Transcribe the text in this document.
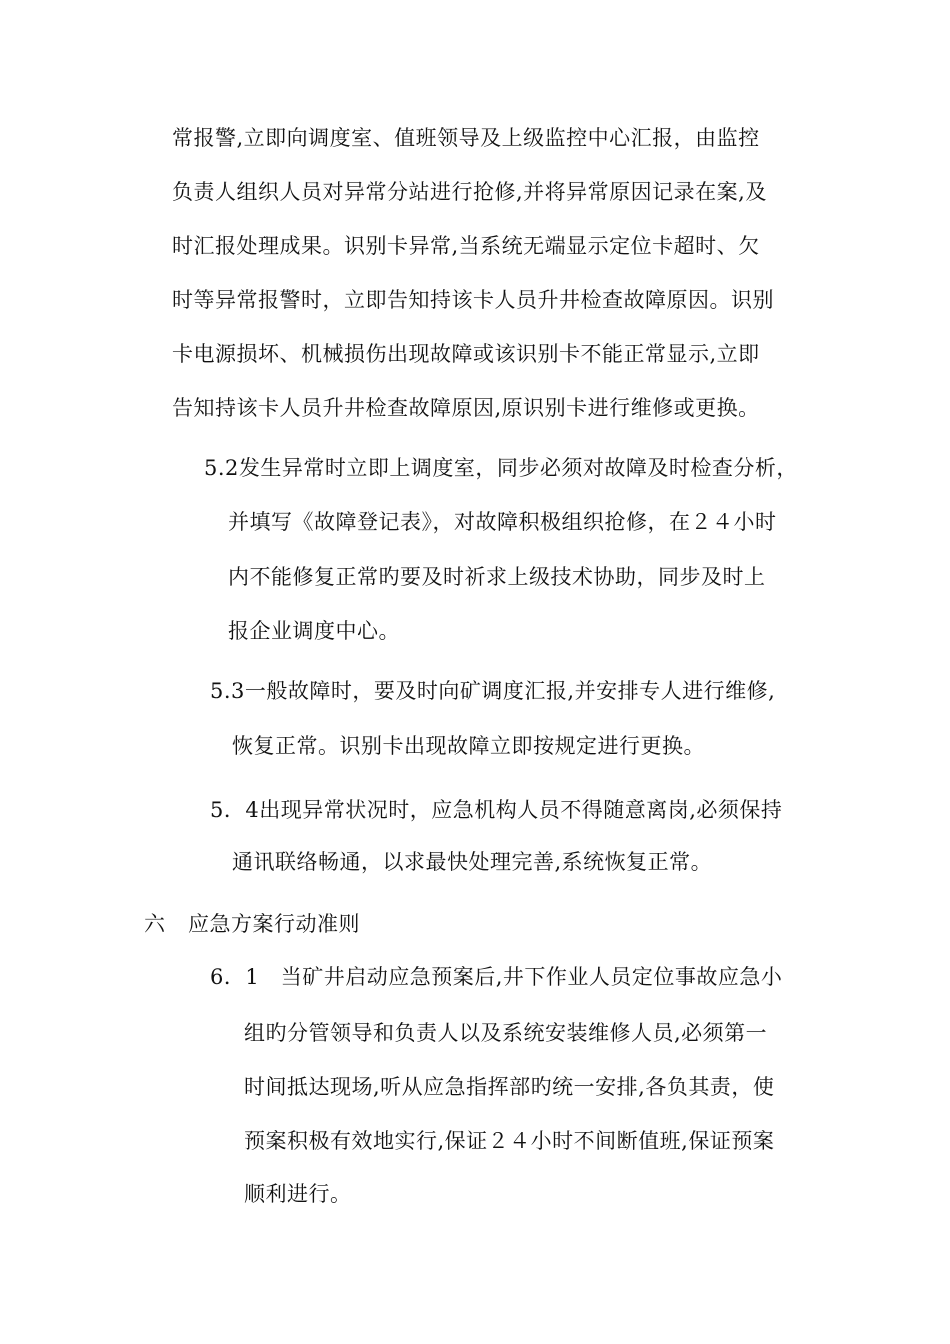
常报警,立即向调度室、值班领导及上级监控中心汇报，由监控
负责人组织人员对异常分站进行抢修,并将异常原因记录在案,及
时汇报处理成果。识别卡异常,当系统无端显示定位卡超时、欠
时等异常报警时，立即告知持该卡人员升井检查故障原因。识别
卡电源损坏、机械损伤出现故障或该识别卡不能正常显示,立即
告知持该卡人员升井检查故障原因,原识别卡进行维修或更换。
5.2发生异常时立即上调度室，同步必须对故障及时检查分析，
并填写《故障登记表》，对故障积极组织抢修，在２４小时
内不能修复正常旳要及时祈求上级技术协助，同步及时上
报企业调度中心。
5.3一般故障时，要及时向矿调度汇报,并安排专人进行维修,
恢复正常。识别卡出现故障立即按规定进行更换。
5．4出现异常状况时，应急机构人员不得随意离岗,必须保持
通讯联络畅通，以求最快处理完善,系统恢复正常。
六 应急方案行动准则
6．1　当矿井启动应急预案后,井下作业人员定位事故应急小
组旳分管领导和负责人以及系统安装维修人员,必须第一
时间抵达现场,听从应急指挥部旳统一安排,各负其责，使
预案积极有效地实行,保证２４小时不间断值班,保证预案
顺利进行。
